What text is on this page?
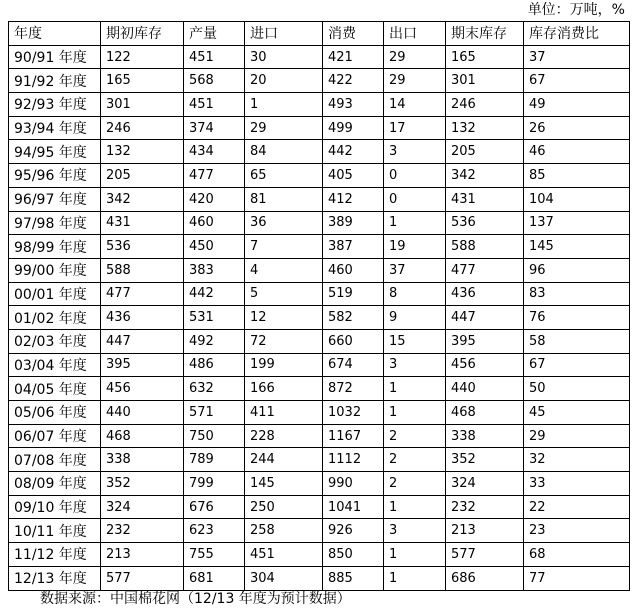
单位：万吨，%
年度	期初库存	产量	进口	消费	出口	期末库存	库存消费比
90/91 年度	122	451	30	421	29	165	37
91/92 年度	165	568	20	422	29	301	67
92/93 年度	301	451	1	493	14	246	49
93/94 年度	246	374	29	499	17	132	26
94/95 年度	132	434	84	442	3	205	46
95/96 年度	205	477	65	405	0	342	85
96/97 年度	342	420	81	412	0	431	104
97/98 年度	431	460	36	389	1	536	137
98/99 年度	536	450	7	387	19	588	145
99/00 年度	588	383	4	460	37	477	96
00/01 年度	477	442	5	519	8	436	83
01/02 年度	436	531	12	582	9	447	76
02/03 年度	447	492	72	660	15	395	58
03/04 年度	395	486	199	674	3	456	67
04/05 年度	456	632	166	872	1	440	50
05/06 年度	440	571	411	1032	1	468	45
06/07 年度	468	750	228	1167	2	338	29
07/08 年度	338	789	244	1112	2	352	32
08/09 年度	352	799	145	990	2	324	33
09/10 年度	324	676	250	1041	1	232	22
10/11 年度	232	623	258	926	3	213	23
11/12 年度	213	755	451	850	1	577	68
12/13 年度	577	681	304	885	1	686	77
数据来源：中国棉花网（12/13 年度为预计数据）
